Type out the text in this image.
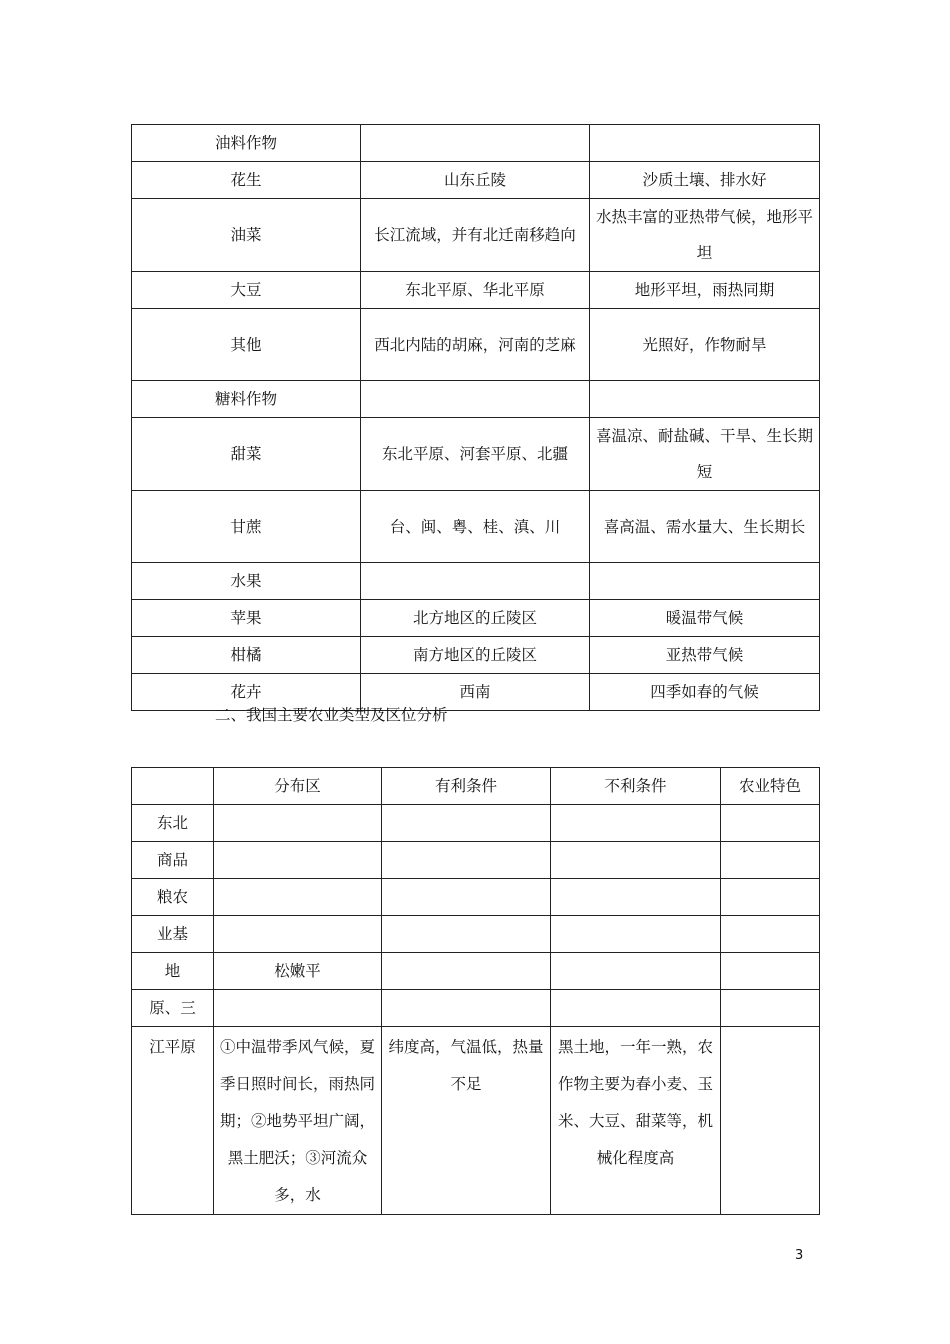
油料作物		
花生	山东丘陵	沙质土壤、排水好
油菜	长江流域，并有北迁南移趋向	水热丰富的亚热带气候，地形平坦
大豆	东北平原、华北平原	地形平坦，雨热同期
其他	西北内陆的胡麻，河南的芝麻	光照好，作物耐旱
糖料作物		
甜菜	东北平原、河套平原、北疆	喜温凉、耐盐碱、干旱、生长期短
甘蔗	台、闽、粤、桂、滇、川	喜高温、需水量大、生长期长
水果		
苹果	北方地区的丘陵区	暖温带气候
柑橘	南方地区的丘陵区	亚热带气候
花卉	西南	四季如春的气候
二、我国主要农业类型及区位分析
	分布区	有利条件	不利条件	农业特色
东北				
商品				
粮农				
业基				
地	松嫩平			
原、三				
江平原	①中温带季风气候，夏季日照时间长，雨热同期；②地势平坦广阔，黑土肥沃；③河流众多，水	纬度高，气温低，热量不足	黑土地，一年一熟，农作物主要为春小麦、玉米、大豆、甜菜等，机械化程度高	
3
